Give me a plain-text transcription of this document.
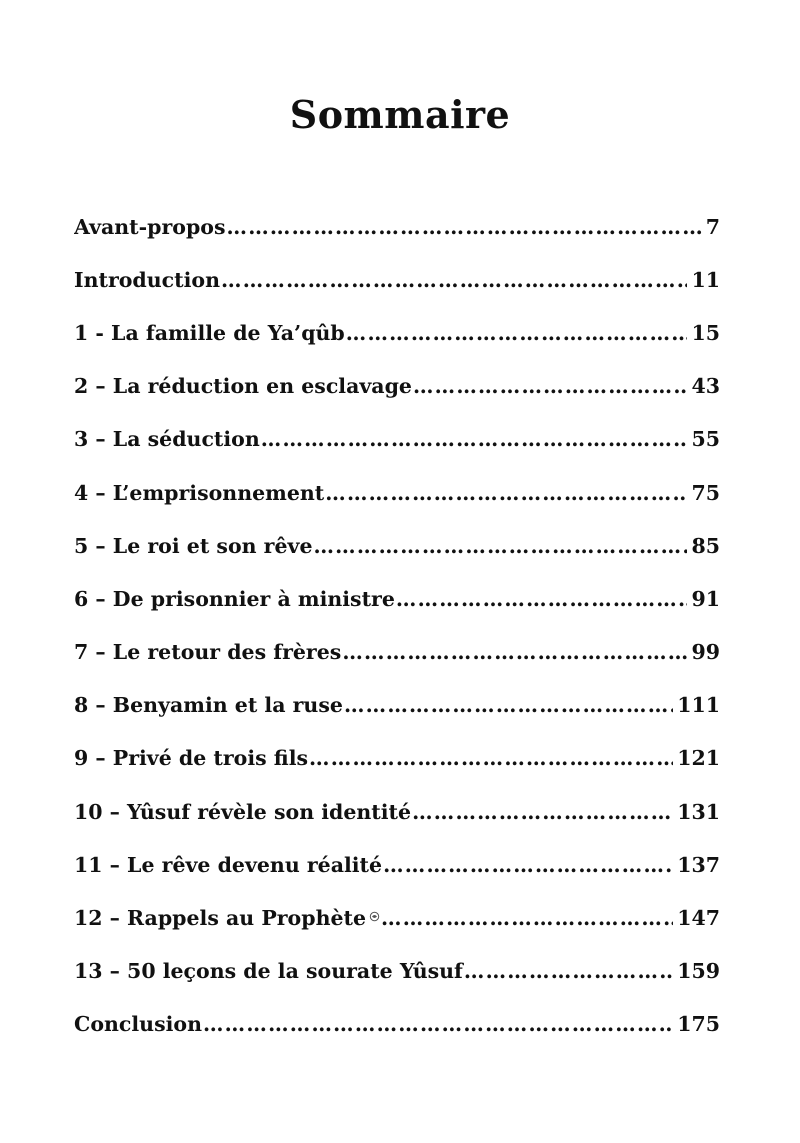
Sommaire
Avant-propos ………………………………………………………………………………………………………………………………………………………	7
Introduction ………………………………………………………………………………………………………………………………………………………	11
1 - La famille de Ya’qûb ………………………………………………………………………………………………………………………………………………………	15
2 – La réduction en esclavage ………………………………………………………………………………………………………………………………………………………	43
3 – La séduction ………………………………………………………………………………………………………………………………………………………	55
4 – L’emprisonnement ………………………………………………………………………………………………………………………………………………………	75
5 – Le roi et son rêve ………………………………………………………………………………………………………………………………………………………	85
6 – De prisonnier à ministre ………………………………………………………………………………………………………………………………………………………	91
7 – Le retour des frères ………………………………………………………………………………………………………………………………………………………	99
8 – Benyamin et la ruse ………………………………………………………………………………………………………………………………………………………	111
9 – Privé de trois fils ………………………………………………………………………………………………………………………………………………………	121
10 – Yûsuf révèle son identité ………………………………………………………………………………………………………………………………………………………	131
11 – Le rêve devenu réalité ………………………………………………………………………………………………………………………………………………………	137
12 – Rappels au Prophète ………………………………………………………………………………………………………………………………………………………	147
13 – 50 leçons de la sourate Yûsuf ………………………………………………………………………………………………………………………………………………………	159
Conclusion ………………………………………………………………………………………………………………………………………………………	175
